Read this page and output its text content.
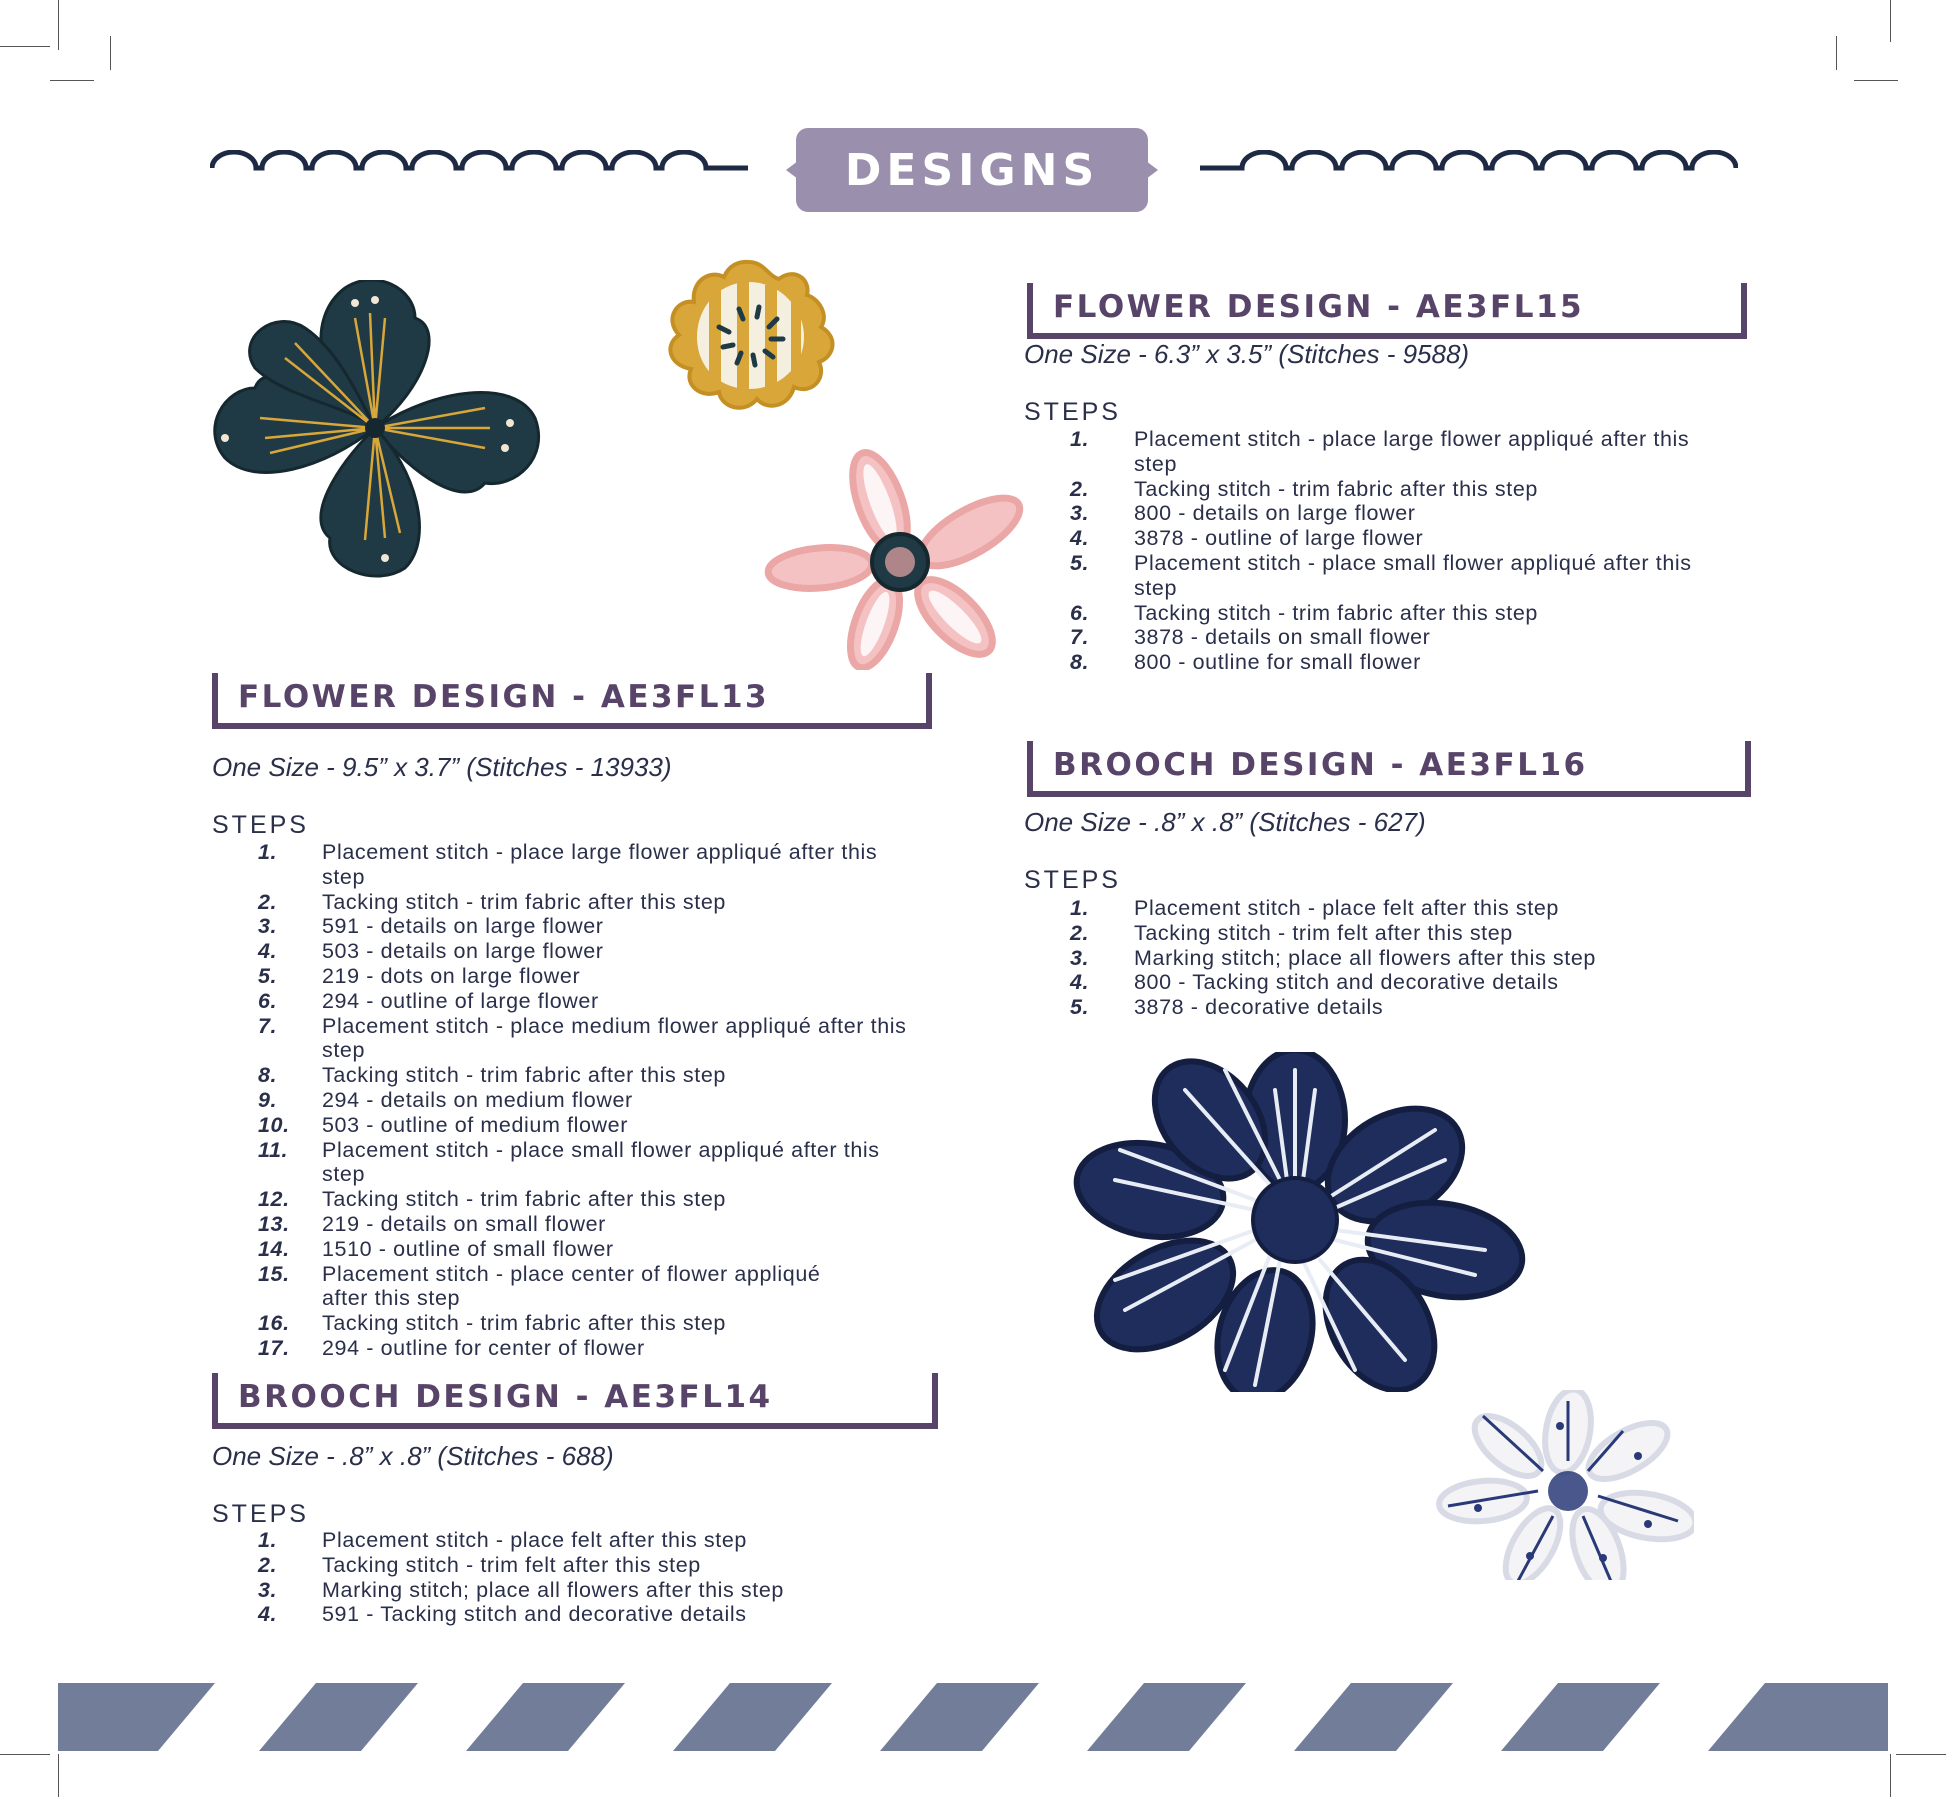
DESIGNS
FLOWER DESIGN - AE3FL15
One Size - 6.3” x 3.5” (Stitches - 9588)
STEPS
1. Placement stitch - place large flower appliqué after this step
2. Tacking stitch - trim fabric after this step
3. 800 - details on large flower
4. 3878 - outline of large flower
5. Placement stitch - place small flower appliqué after this step
6. Tacking stitch - trim fabric after this step
7. 3878 - details on small flower
8. 800 - outline for small flower
BROOCH DESIGN - AE3FL16
One Size - .8” x .8” (Stitches - 627)
STEPS
1. Placement stitch - place felt after this step
2. Tacking stitch - trim felt after this step
3. Marking stitch; place all flowers after this step
4. 800 - Tacking stitch and decorative details
5. 3878 - decorative details
FLOWER DESIGN - AE3FL13
One Size - 9.5” x 3.7” (Stitches - 13933)
STEPS
1. Placement stitch - place large flower appliqué after this step
2. Tacking stitch - trim fabric after this step
3. 591 - details on large flower
4. 503 - details on large flower
5. 219 - dots on large flower
6. 294 - outline of large flower
7. Placement stitch - place medium flower appliqué after this step
8. Tacking stitch - trim fabric after this step
9. 294 - details on medium flower
10. 503 - outline of medium flower
11. Placement stitch - place small flower appliqué after this step
12. Tacking stitch - trim fabric after this step
13. 219 - details on small flower
14. 1510 - outline of small flower
15. Placement stitch - place center of flower appliqué after this step
16. Tacking stitch - trim fabric after this step
17. 294 - outline for center of flower
BROOCH DESIGN - AE3FL14
One Size - .8” x .8” (Stitches - 688)
STEPS
1. Placement stitch - place felt after this step
2. Tacking stitch - trim felt after this step
3. Marking stitch; place all flowers after this step
4. 591 - Tacking stitch and decorative details
